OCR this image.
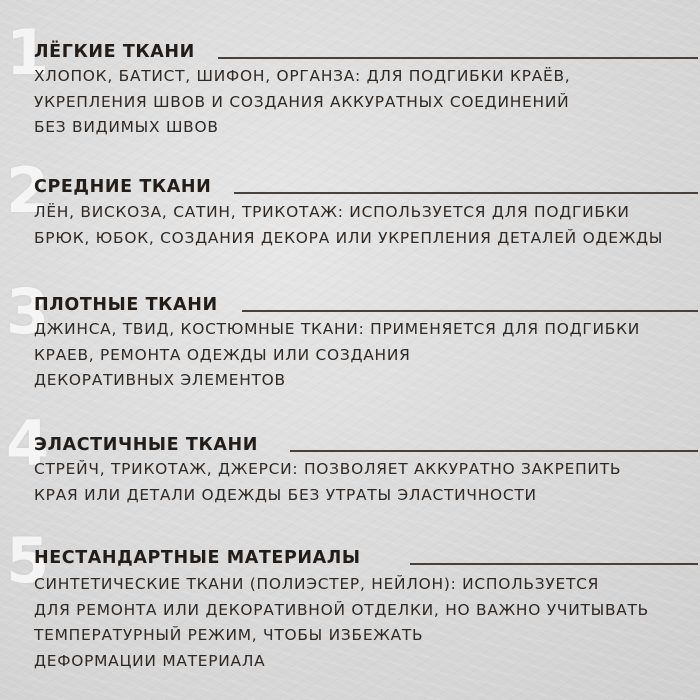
1
ЛЁГКИЕ ТКАНИ
ХЛОПОК, БАТИСТ, ШИФОН, ОРГАНЗА: ДЛЯ ПОДГИБКИ КРАЁВ,
УКРЕПЛЕНИЯ ШВОВ И СОЗДАНИЯ АККУРАТНЫХ СОЕДИНЕНИЙ
БЕЗ ВИДИМЫХ ШВОВ
2
СРЕДНИЕ ТКАНИ
ЛЁН, ВИСКОЗА, САТИН, ТРИКОТАЖ: ИСПОЛЬЗУЕТСЯ ДЛЯ ПОДГИБКИ
БРЮК, ЮБОК, СОЗДАНИЯ ДЕКОРА ИЛИ УКРЕПЛЕНИЯ ДЕТАЛЕЙ ОДЕЖДЫ
3
ПЛОТНЫЕ ТКАНИ
ДЖИНСА, ТВИД, КОСТЮМНЫЕ ТКАНИ: ПРИМЕНЯЕТСЯ ДЛЯ ПОДГИБКИ
КРАЕВ, РЕМОНТА ОДЕЖДЫ ИЛИ СОЗДАНИЯ
ДЕКОРАТИВНЫХ ЭЛЕМЕНТОВ
4
ЭЛАСТИЧНЫЕ ТКАНИ
СТРЕЙЧ, ТРИКОТАЖ, ДЖЕРСИ: ПОЗВОЛЯЕТ АККУРАТНО ЗАКРЕПИТЬ
КРАЯ ИЛИ ДЕТАЛИ ОДЕЖДЫ БЕЗ УТРАТЫ ЭЛАСТИЧНОСТИ
5
НЕСТАНДАРТНЫЕ МАТЕРИАЛЫ
СИНТЕТИЧЕСКИЕ ТКАНИ (ПОЛИЭСТЕР, НЕЙЛОН): ИСПОЛЬЗУЕТСЯ
ДЛЯ РЕМОНТА ИЛИ ДЕКОРАТИВНОЙ ОТДЕЛКИ, НО ВАЖНО УЧИТЫВАТЬ
ТЕМПЕРАТУРНЫЙ РЕЖИМ, ЧТОБЫ ИЗБЕЖАТЬ
ДЕФОРМАЦИИ МАТЕРИАЛА
